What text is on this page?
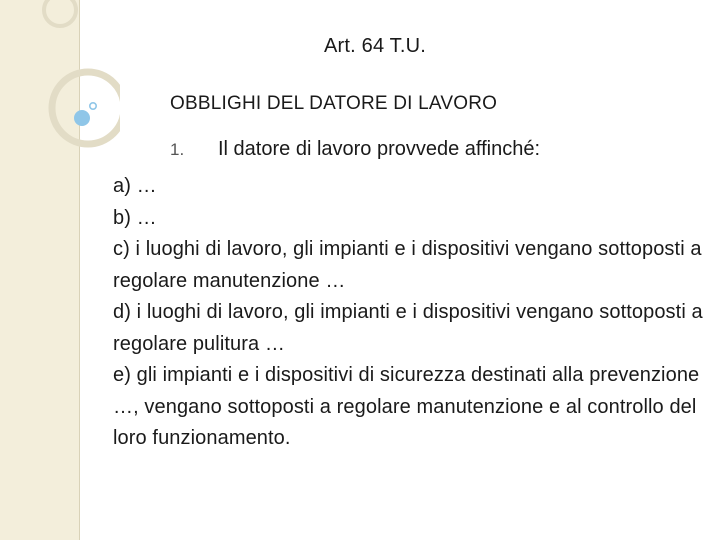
Art. 64 T.U.
OBBLIGHI DEL DATORE DI LAVORO
1. Il datore di lavoro provvede affinché:

a) …

b) …

c) i luoghi di lavoro, gli impianti e i dispositivi vengano sottoposti a regolare manutenzione …

d) i luoghi di lavoro, gli impianti e i dispositivi vengano sottoposti a regolare pulitura …

e) gli impianti e i dispositivi di sicurezza destinati alla prevenzione …, vengano sottoposti a regolare manutenzione e al controllo del loro funzionamento.
